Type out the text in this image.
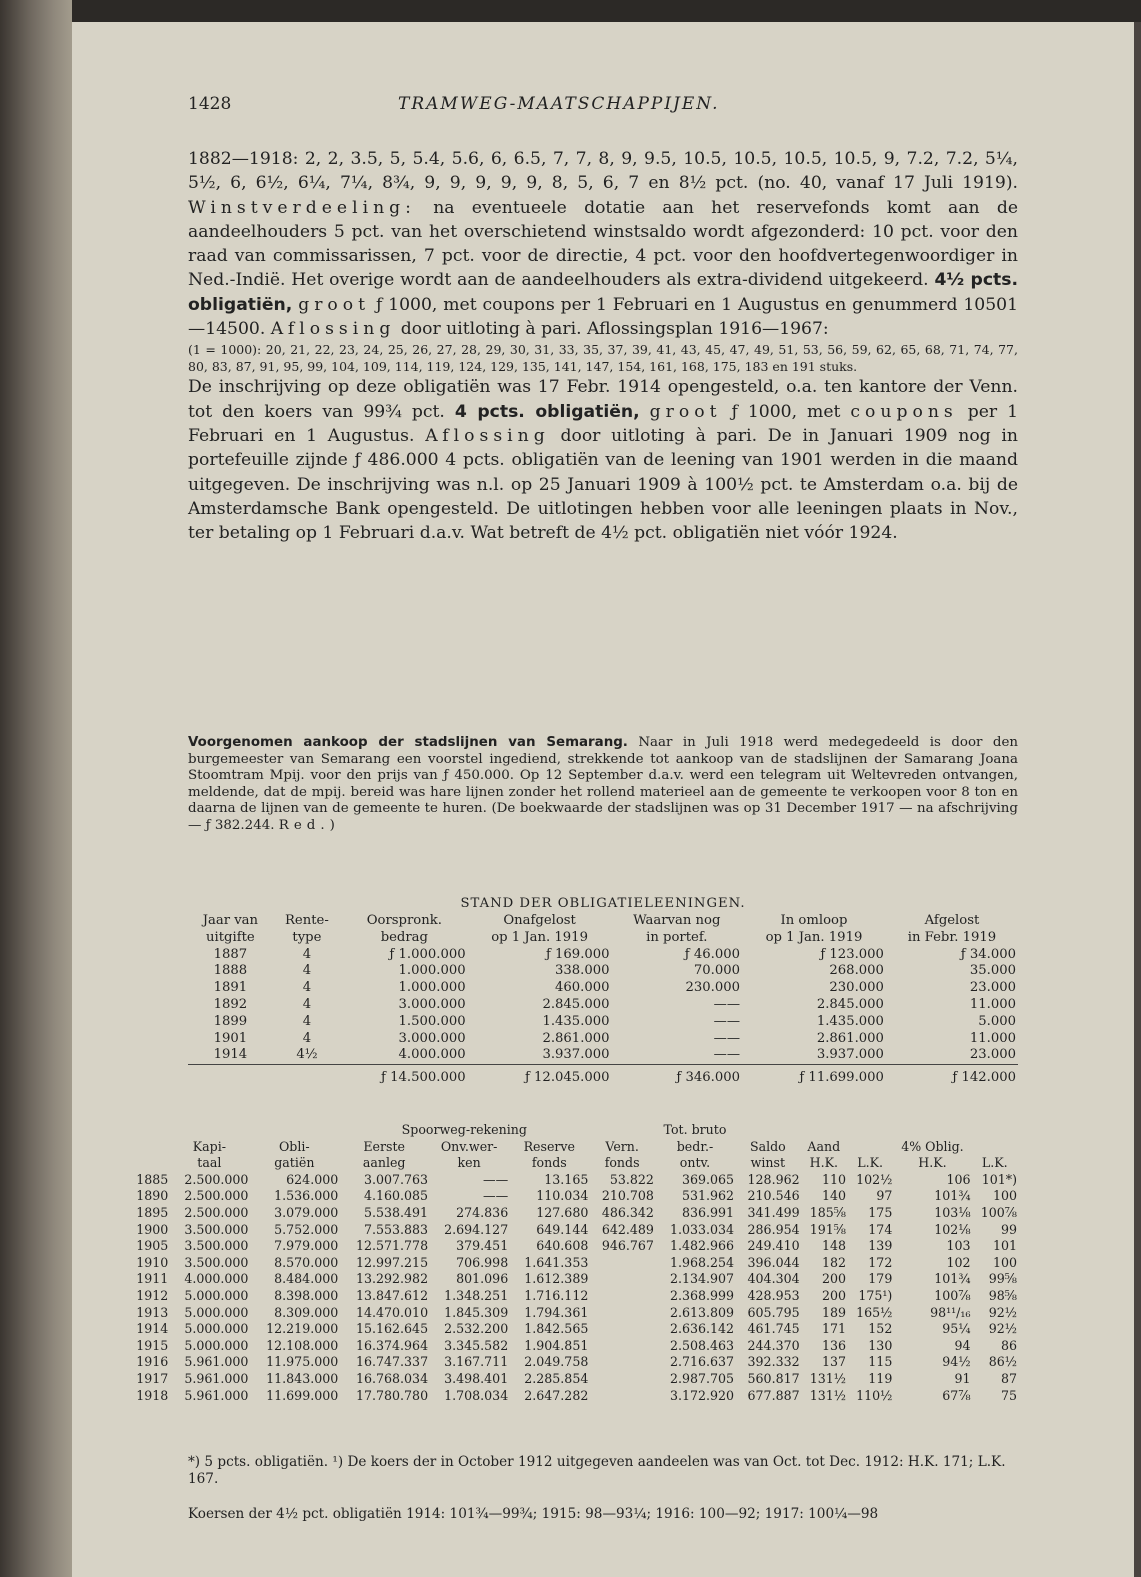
1428	TRAMWEG-MAATSCHAPPIJEN.

1882—1918: 2, 2, 3.5, 5, 5.4, 5.6, 6, 6.5, 7, 7, 8, 9, 9.5, 10.5, 10.5, 10.5, 10.5, 9, 7.2, 7.2, 5¼, 5½, 6, 6½, 6¼, 7¼, 8¾, 9, 9, 9, 9, 9, 8, 5, 6, 7 en 8½ pct. (no. 40, vanaf 17 Juli 1919). Winstverdeeling: na eventueele dotatie aan het reservefonds komt aan de aandeelhouders 5 pct. van het overschietend winstsaldo wordt afgezonderd: 10 pct. voor den raad van commissarissen, 7 pct. voor de directie, 4 pct. voor den hoofdvertegenwoordiger in Ned.-Indië. Het overige wordt aan de aandeelhouders als extra-dividend uitgekeerd. 4½ pcts. obligatiën, groot ƒ 1000, met coupons per 1 Februari en 1 Augustus en genummerd 10501—14500. Aflossing door uitloting à pari. Aflossingsplan 1916—1967:

(1 = 1000): 20, 21, 22, 23, 24, 25, 26, 27, 28, 29, 30, 31, 33, 35, 37, 39, 41, 43, 45, 47, 49, 51, 53, 56, 59, 62, 65, 68, 71, 74, 77, 80, 83, 87, 91, 95, 99, 104, 109, 114, 119, 124, 129, 135, 141, 147, 154, 161, 168, 175, 183 en 191 stuks.

De inschrijving op deze obligatiën was 17 Febr. 1914 opengesteld, o.a. ten kantore der Venn. tot den koers van 99¾ pct. 4 pcts. obligatiën, groot ƒ 1000, met coupons per 1 Februari en 1 Augustus. Aflossing door uitloting à pari. De in Januari 1909 nog in portefeuille zijnde ƒ 486.000 4 pcts. obligatiën van de leening van 1901 werden in die maand uitgegeven. De inschrijving was n.l. op 25 Januari 1909 à 100½ pct. te Amsterdam o.a. bij de Amsterdamsche Bank opengesteld. De uitlotingen hebben voor alle leeningen plaats in Nov., ter betaling op 1 Februari d.a.v. Wat betreft de 4½ pct. obligatiën niet vóór 1924.

Voorgenomen aankoop der stadslijnen van Semarang. Naar in Juli 1918 werd medegedeeld is door den burgemeester van Semarang een voorstel ingediend, strekkende tot aankoop van de stadslijnen der Samarang Joana Stoomtram Mpij. voor den prijs van ƒ 450.000. Op 12 September d.a.v. werd een telegram uit Weltevreden ontvangen, meldende, dat de mpij. bereid was hare lijnen zonder het rollend materieel aan de gemeente te verkoopen voor 8 ton en daarna de lijnen van de gemeente te huren. (De boekwaarde der stadslijnen was op 31 December 1917 — na afschrijving — ƒ 382.244. Red.)

STAND DER OBLIGATIELEENINGEN.
Jaar van	Rente-	Oorspronk.	Onafgelost	Waarvan nog	In omloop	Afgelost
uitgifte	type	bedrag	op 1 Jan. 1919	in portef.	op 1 Jan. 1919	in Febr. 1919
1887	4	ƒ 1.000.000	ƒ 169.000	ƒ 46.000	ƒ 123.000	ƒ 34.000
1888	4	1.000.000	338.000	70.000	268.000	35.000
1891	4	1.000.000	460.000	230.000	230.000	23.000
1892	4	3.000.000	2.845.000	——	2.845.000	11.000
1899	4	1.500.000	1.435.000	——	1.435.000	5.000
1901	4	3.000.000	2.861.000	——	2.861.000	11.000
1914	4½	4.000.000	3.937.000	——	3.937.000	23.000

		ƒ 14.500.000	ƒ 12.045.000	ƒ 346.000	ƒ 11.699.000	ƒ 142.000
			Spoorweg-rekening			Tot. bruto						
	Kapi-	Obli-	Eerste	Onv.wer-	Reserve	Vern.	bedr.-	Saldo	Aand		4% Oblig.	
	taal	gatiën	aanleg	ken	fonds	fonds	ontv.	winst	H.K.	L.K.	H.K.	L.K.
1885	2.500.000	624.000	3.007.763	——	13.165	53.822	369.065	128.962	110	102½	106	101*)
1890	2.500.000	1.536.000	4.160.085	——	110.034	210.708	531.962	210.546	140	97	101¾	100
1895	2.500.000	3.079.000	5.538.491	274.836	127.680	486.342	836.991	341.499	185⅝	175	103⅛	100⅞
1900	3.500.000	5.752.000	7.553.883	2.694.127	649.144	642.489	1.033.034	286.954	191⅝	174	102⅛	99
1905	3.500.000	7.979.000	12.571.778	379.451	640.608	946.767	1.482.966	249.410	148	139	103	101
1910	3.500.000	8.570.000	12.997.215	706.998	1.641.353		1.968.254	396.044	182	172	102	100
1911	4.000.000	8.484.000	13.292.982	801.096	1.612.389		2.134.907	404.304	200	179	101¾	99⅝
1912	5.000.000	8.398.000	13.847.612	1.348.251	1.716.112		2.368.999	428.953	200	175¹)	100⅞	98⅝
1913	5.000.000	8.309.000	14.470.010	1.845.309	1.794.361		2.613.809	605.795	189	165½	98¹¹/₁₆	92½
1914	5.000.000	12.219.000	15.162.645	2.532.200	1.842.565		2.636.142	461.745	171	152	95¼	92½
1915	5.000.000	12.108.000	16.374.964	3.345.582	1.904.851		2.508.463	244.370	136	130	94	86
1916	5.961.000	11.975.000	16.747.337	3.167.711	2.049.758		2.716.637	392.332	137	115	94½	86½
1917	5.961.000	11.843.000	16.768.034	3.498.401	2.285.854		2.987.705	560.817	131½	119	91	87
1918	5.961.000	11.699.000	17.780.780	1.708.034	2.647.282		3.172.920	677.887	131½	110½	67⅞	75

*) 5 pcts. obligatiën. ¹) De koers der in October 1912 uitgegeven aandeelen was van Oct. tot Dec. 1912: H.K. 171; L.K. 167.

Koersen der 4½ pct. obligatiën 1914: 101¾—99¾; 1915: 98—93¼; 1916: 100—92; 1917: 100¼—98
